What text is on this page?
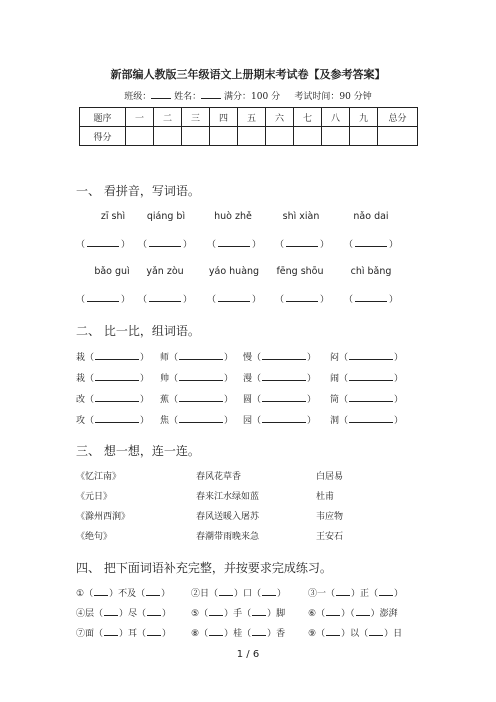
新部编人教版三年级语文上册期末考试卷【及参考答案】
班级：	姓名：	满分：100 分 考试时间：90 分钟
题序	一	二	三	四	五	六	七	八	九	总分
得分										
一、 看拼音，写词语。
zī shì	qiáng bì	huò zhě	shì xiàn	nǎo dai
（	） （	） （	） （	） （	）
bǎo guì	yǎn zòu	yáo huàng	fēng shōu	chì bǎng
（	） （	） （	） （	） （	）
二、 比一比，组词语。
栽（	） 师（	） 慢（	） 闷（	）
栽（	） 帅（	） 漫（	） 闹（	）
改（	） 蕉（	） 圆（	） 筒（	）
攻（	） 焦（	） 园（	） 洞（	）
三、 想一想，连一连。
《忆江南》	春风花草香	白居易
《元日》	春来江水绿如蓝	杜甫
《滁州西涧》	春风送暖入屠苏	韦应物
《绝句》	春潮带雨晚来急	王安石
四、 把下面词语补充完整，并按要求完成练习。
①（ ）不及（ ） ②日（ ）口（ ） ③一（ ）正（ ）
④层（ ）尽（ ） ⑤（ ）手（ ）脚	⑥（ ）（ ）澎湃
⑦面（ ）耳（ ） ⑧（ ）桂（ ）香	⑨（ ）以（ ）日
1 / 6
